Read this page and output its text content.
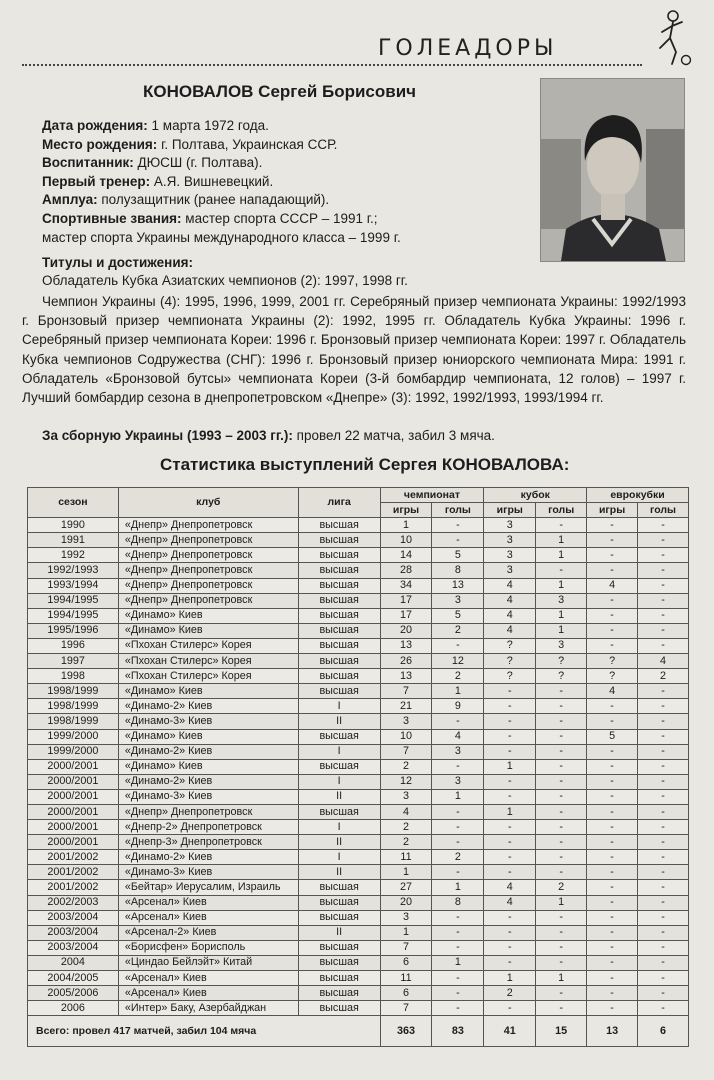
ГОЛЕАДОРЫ
КОНОВАЛОВ Сергей Борисович
Дата рождения: 1 марта 1972 года.
Место рождения: г. Полтава, Украинская ССР.
Воспитанник: ДЮСШ (г. Полтава).
Первый тренер: А.Я. Вишневецкий.
Амплуа: полузащитник (ранее нападающий).
Спортивные звания: мастер спорта СССР – 1991 г.;
мастер спорта Украины международного класса – 1999 г.
Титулы и достижения:
Обладатель Кубка Азиатских чемпионов (2): 1997, 1998 гг.
Чемпион Украины (4): 1995, 1996, 1999, 2001 гг. Серебряный призер чемпионата Украины: 1992/1993 г. Бронзовый призер чемпионата Украины (2): 1992, 1995 гг. Обладатель Кубка Украины: 1996 г. Серебряный призер чемпионата Кореи: 1996 г. Бронзовый призер чемпионата Кореи: 1997 г. Обладатель Кубка чемпионов Содружества (СНГ): 1996 г. Бронзовый призер юниорского чемпионата Мира: 1991 г. Обладатель «Бронзовой бутсы» чемпионата Кореи (3-й бомбардир чемпионата, 12 голов) – 1997 г. Лучший бомбардир сезона в днепропетровском «Днепре» (3): 1992, 1992/1993, 1993/1994 гг.
За сборную Украины (1993 – 2003 гг.): провел 22 матча, забил 3 мяча.
Статистика выступлений Сергея КОНОВАЛОВА:
сезон	клуб	лига	чемпионат		кубок		еврокубки	
			игры	голы	игры	голы	игры	голы
1990	«Днепр» Днепропетровск	высшая	1	-	3	-	-	-
1991	«Днепр» Днепропетровск	высшая	10	-	3	1	-	-
1992	«Днепр» Днепропетровск	высшая	14	5	3	1	-	-
1992/1993	«Днепр» Днепропетровск	высшая	28	8	3	-	-	-
1993/1994	«Днепр» Днепропетровск	высшая	34	13	4	1	4	-
1994/1995	«Днепр» Днепропетровск	высшая	17	3	4	3	-	-
1994/1995	«Динамо» Киев	высшая	17	5	4	1	-	-
1995/1996	«Динамо» Киев	высшая	20	2	4	1	-	-
1996	«Пхохан Стилерс» Корея	высшая	13	-	?	3	-	-
1997	«Пхохан Стилерс» Корея	высшая	26	12	?	?	?	4
1998	«Пхохан Стилерс» Корея	высшая	13	2	?	?	?	2
1998/1999	«Динамо» Киев	высшая	7	1	-	-	4	-
1998/1999	«Динамо-2» Киев	I	21	9	-	-	-	-
1998/1999	«Динамо-3» Киев	II	3	-	-	-	-	-
1999/2000	«Динамо» Киев	высшая	10	4	-	-	5	-
1999/2000	«Динамо-2» Киев	I	7	3	-	-	-	-
2000/2001	«Динамо» Киев	высшая	2	-	1	-	-	-
2000/2001	«Динамо-2» Киев	I	12	3	-	-	-	-
2000/2001	«Динамо-3» Киев	II	3	1	-	-	-	-
2000/2001	«Днепр» Днепропетровск	высшая	4	-	1	-	-	-
2000/2001	«Днепр-2» Днепропетровск	I	2	-	-	-	-	-
2000/2001	«Днепр-3» Днепропетровск	II	2	-	-	-	-	-
2001/2002	«Динамо-2» Киев	I	11	2	-	-	-	-
2001/2002	«Динамо-3» Киев	II	1	-	-	-	-	-
2001/2002	«Бейтар» Иерусалим, Израиль	высшая	27	1	4	2	-	-
2002/2003	«Арсенал» Киев	высшая	20	8	4	1	-	-
2003/2004	«Арсенал» Киев	высшая	3	-	-	-	-	-
2003/2004	«Арсенал-2» Киев	II	1	-	-	-	-	-
2003/2004	«Борисфен» Борисполь	высшая	7	-	-	-	-	-
2004	«Циндао Бейлэйт» Китай	высшая	6	1	-	-	-	-
2004/2005	«Арсенал» Киев	высшая	11	-	1	1	-	-
2005/2006	«Арсенал» Киев	высшая	6	-	2	-	-	-
2006	«Интер» Баку, Азербайджан	высшая	7	-	-	-	-	-
Всего: провел 417 матчей, забил 104 мяча			363	83	41	15	13	6
